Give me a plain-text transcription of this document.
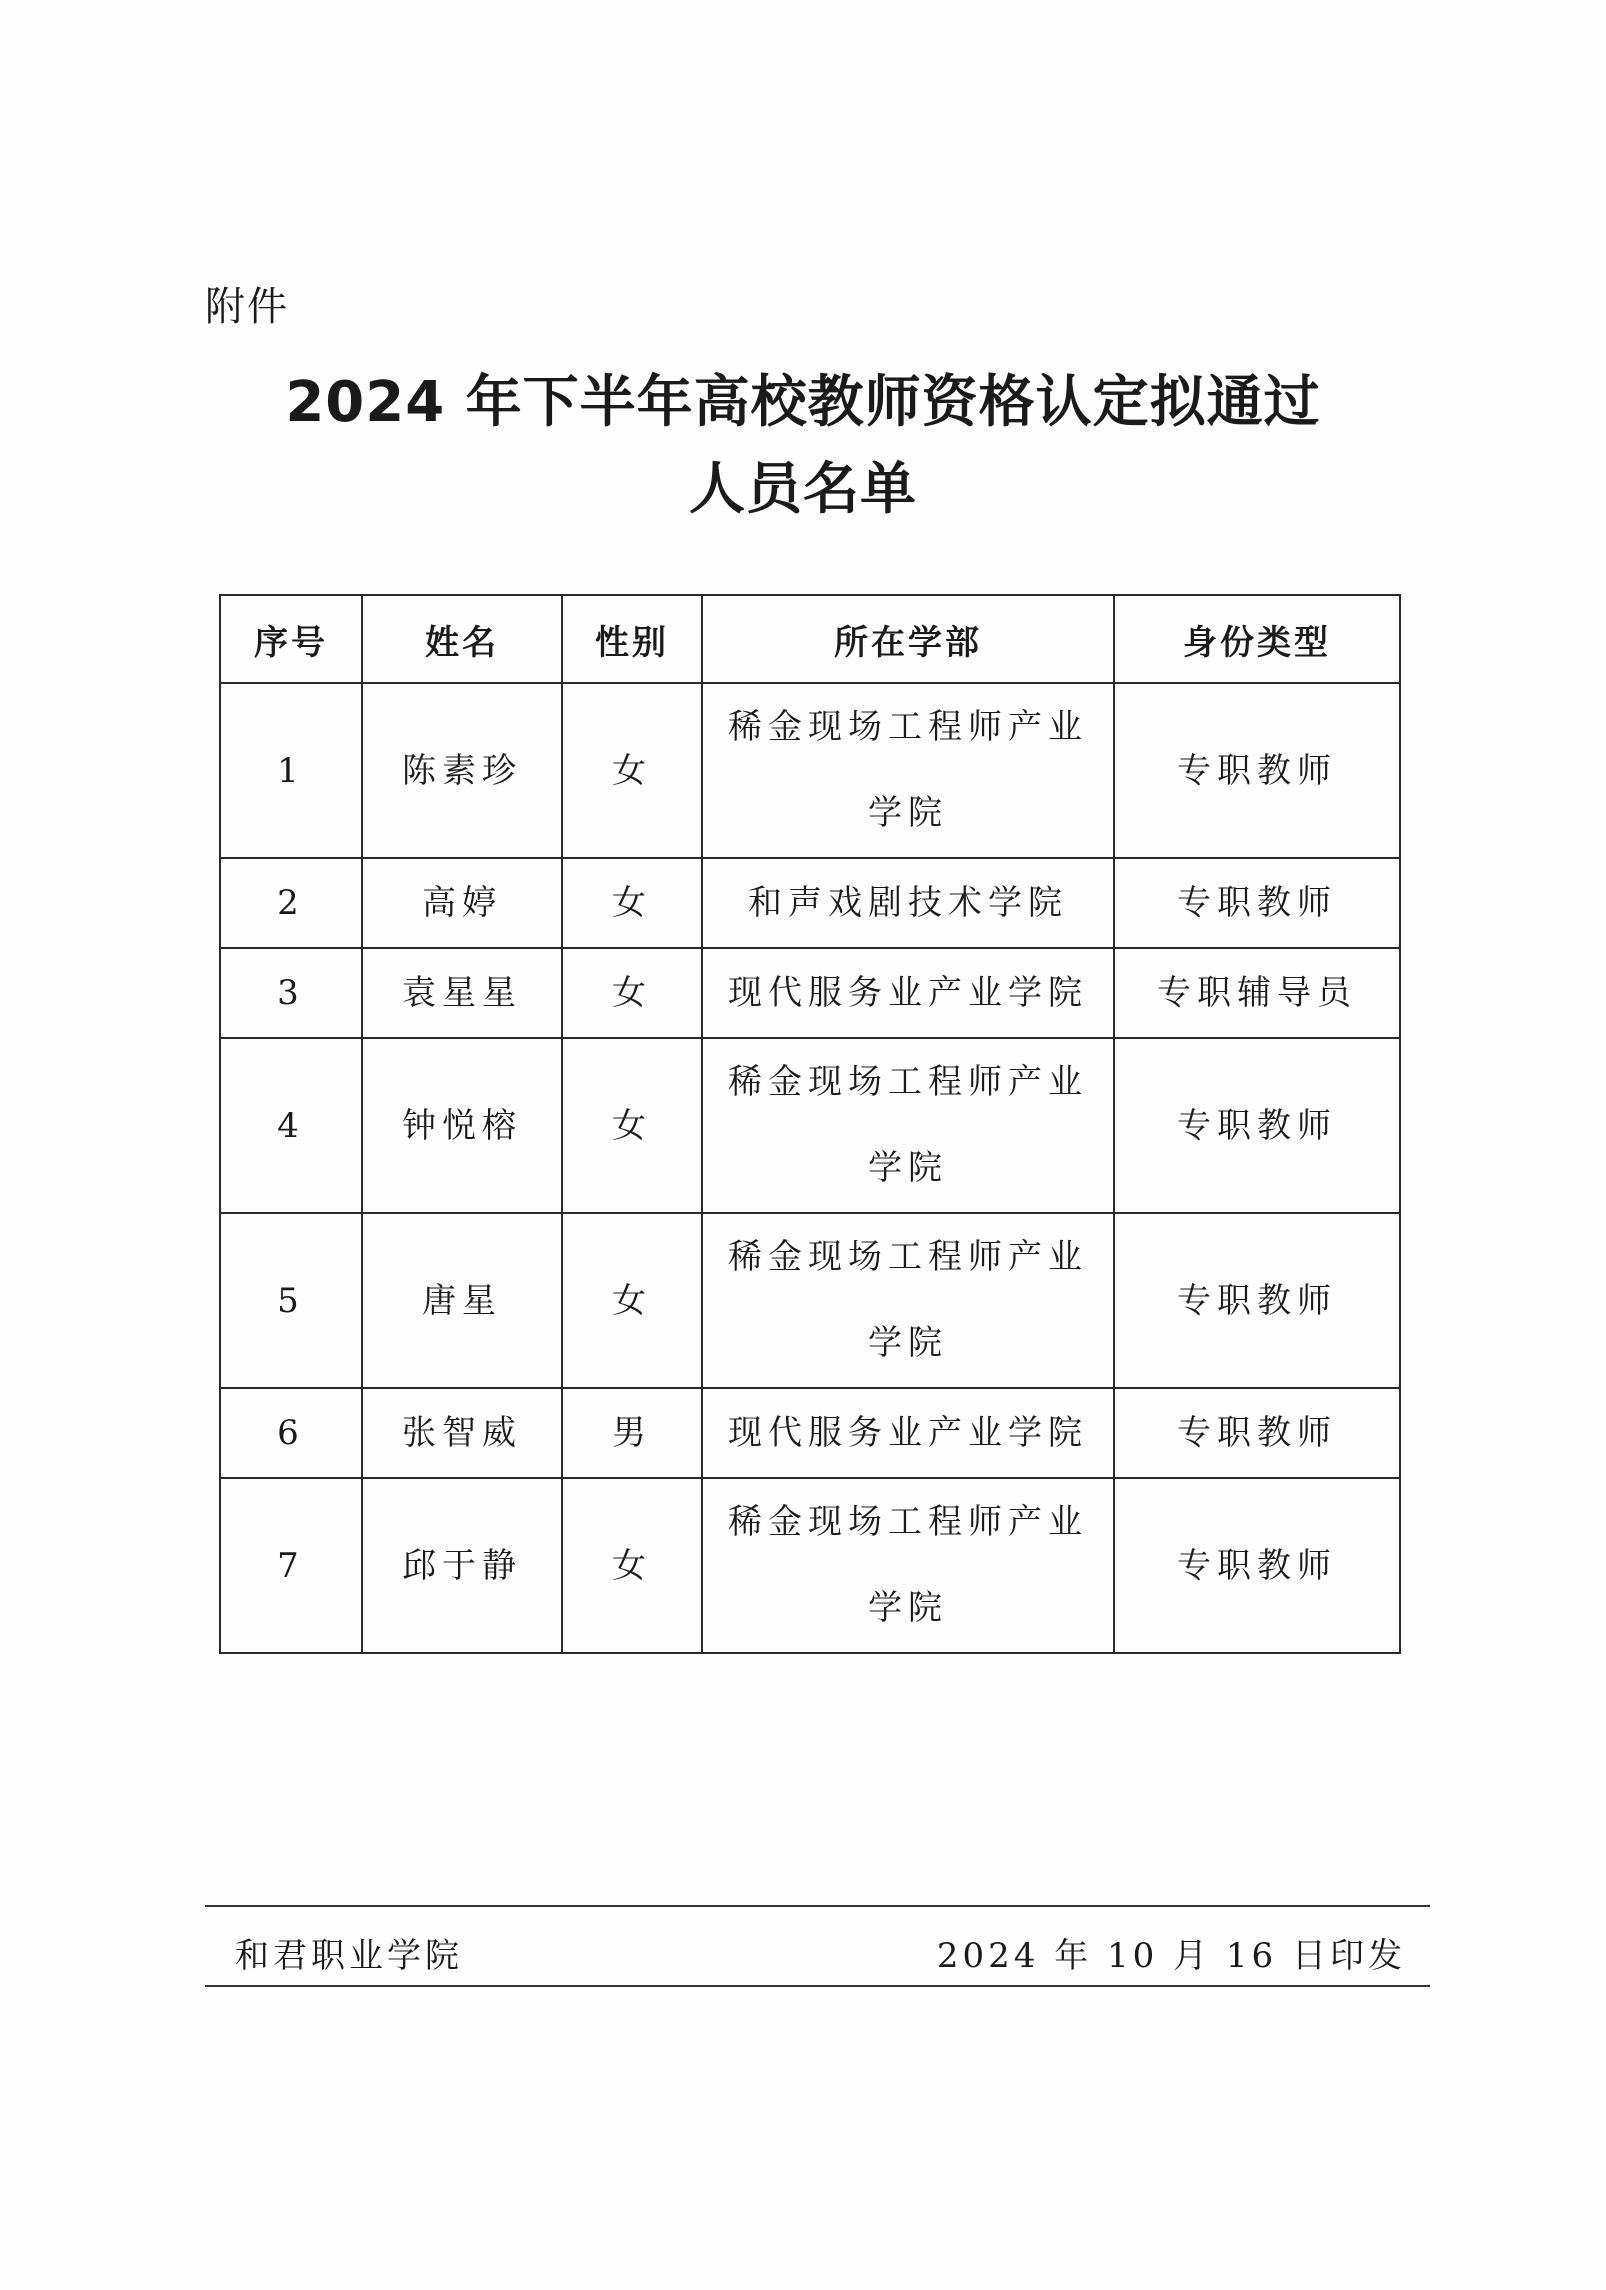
附件
2024 年下半年高校教师资格认定拟通过
人员名单
序号	姓名	性别	所在学部	身份类型
1	陈素珍	女	稀金现场工程师产业学院	专职教师
2	高婷	女	和声戏剧技术学院	专职教师
3	袁星星	女	现代服务业产业学院	专职辅导员
4	钟悦榕	女	稀金现场工程师产业学院	专职教师
5	唐星	女	稀金现场工程师产业学院	专职教师
6	张智威	男	现代服务业产业学院	专职教师
7	邱于静	女	稀金现场工程师产业学院	专职教师
和君职业学院	2024 年 10 月 16 日印发
